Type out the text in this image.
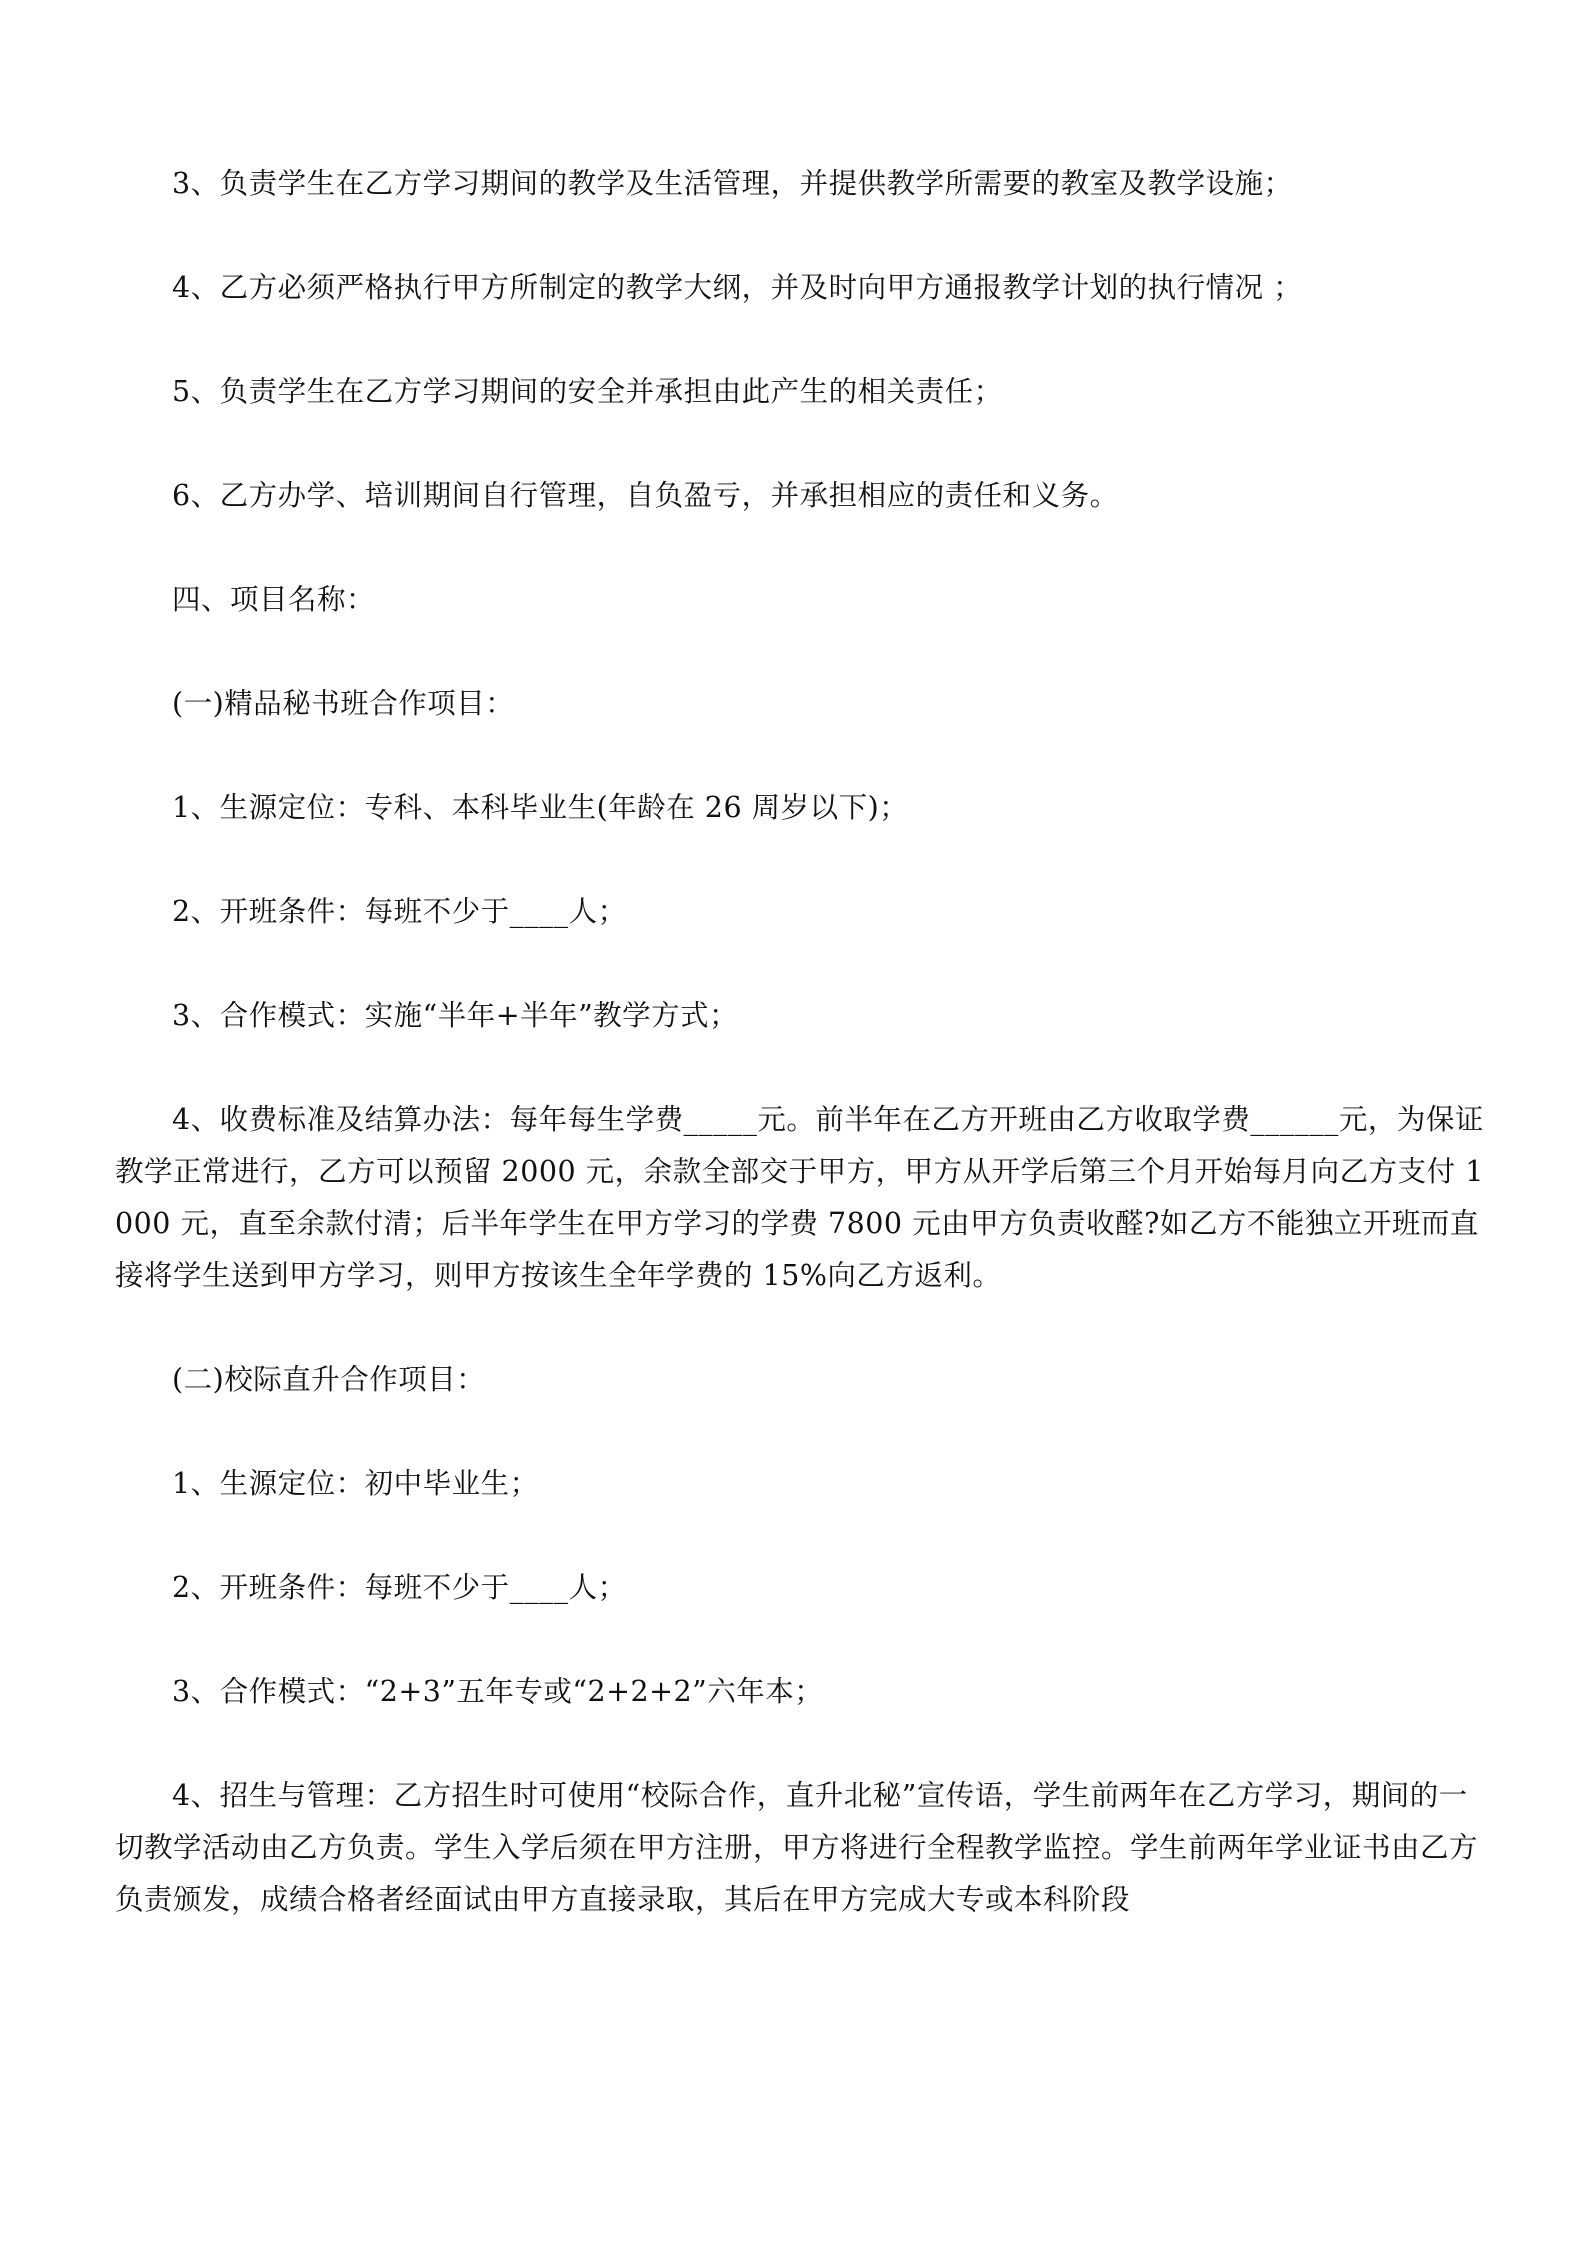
3、负责学生在乙方学习期间的教学及生活管理，并提供教学所需要的教室及教学设施；

4、乙方必须严格执行甲方所制定的教学大纲，并及时向甲方通报教学计划的执行情况 ；

5、负责学生在乙方学习期间的安全并承担由此产生的相关责任；

6、乙方办学、培训期间自行管理，自负盈亏，并承担相应的责任和义务。

四、项目名称：

(一)精品秘书班合作项目：

1、生源定位：专科、本科毕业生(年龄在 26 周岁以下)；

2、开班条件：每班不少于____人；

3、合作模式：实施“半年+半年”教学方式；

4、收费标准及结算办法：每年每生学费_____元。前半年在乙方开班由乙方收取学费______元，为保证教学正常进行，乙方可以预留 2000 元，余款全部交于甲方，甲方从开学后第三个月开始每月向乙方支付 1000 元，直至余款付清；后半年学生在甲方学习的学费 7800 元由甲方负责收醛?如乙方不能独立开班而直接将学生送到甲方学习，则甲方按该生全年学费的 15%向乙方返利。

(二)校际直升合作项目：

1、生源定位：初中毕业生；

2、开班条件：每班不少于____人；

3、合作模式：“2+3”五年专或“2+2+2”六年本；

4、招生与管理：乙方招生时可使用“校际合作，直升北秘”宣传语，学生前两年在乙方学习，期间的一切教学活动由乙方负责。学生入学后须在甲方注册，甲方将进行全程教学监控。学生前两年学业证书由乙方负责颁发，成绩合格者经面试由甲方直接录取，其后在甲方完成大专或本科阶段
